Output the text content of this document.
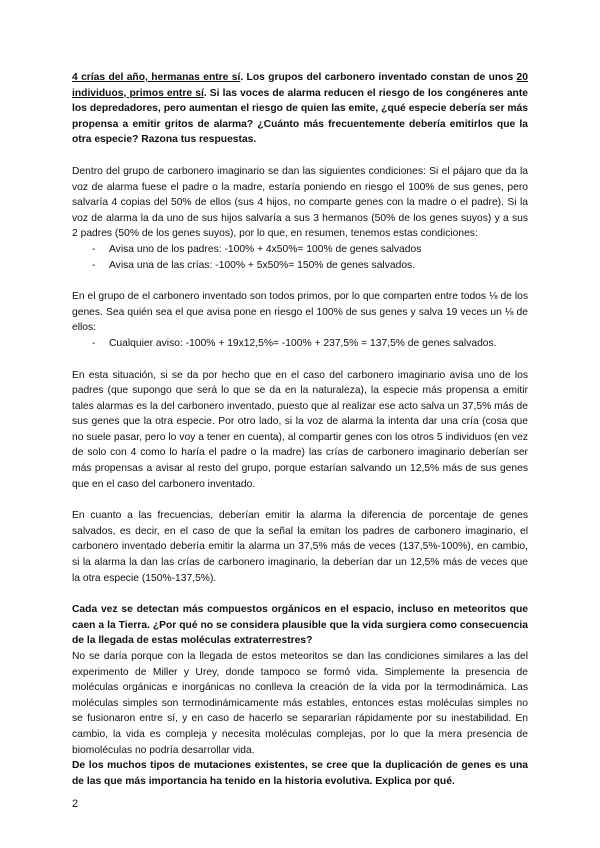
4 crías del año, hermanas entre sí. Los grupos del carbonero inventado constan de unos 20 individuos, primos entre sí. Si las voces de alarma reducen el riesgo de los congéneres ante los depredadores, pero aumentan el riesgo de quien las emite, ¿qué especie debería ser más propensa a emitir gritos de alarma? ¿Cuánto más frecuentemente debería emitirlos que la otra especie? Razona tus respuestas.

Dentro del grupo de carbonero imaginario se dan las siguientes condiciones: Si el pájaro que da la voz de alarma fuese el padre o la madre, estaría poniendo en riesgo el 100% de sus genes, pero salvaría 4 copias del 50% de ellos (sus 4 hijos, no comparte genes con la madre o el padre). Si la voz de alarma la da uno de sus hijos salvaría a sus 3 hermanos (50% de los genes suyos) y a sus 2 padres (50% de los genes suyos), por lo que, en resumen, tenemos estas condiciones:

- Avisa uno de los padres: -100% + 4x50%= 100% de genes salvados
- Avisa una de las crías: -100% + 5x50%= 150% de genes salvados.

En el grupo de el carbonero inventado son todos primos, por lo que comparten entre todos ⅛ de los genes. Sea quién sea el que avisa pone en riesgo el 100% de sus genes y salva 19 veces un ⅛ de ellos:

- Cualquier aviso: -100% + 19x12,5%= -100% + 237,5% = 137,5% de genes salvados.

En esta situación, si se da por hecho que en el caso del carbonero imaginario avisa uno de los padres (que supongo que será lo que se da en la naturaleza), la especie más propensa a emitir tales alarmas es la del carbonero inventado, puesto que al realizar ese acto salva un 37,5% más de sus genes que la otra especie. Por otro lado, si la voz de alarma la intenta dar una cría (cosa que no suele pasar, pero lo voy a tener en cuenta), al compartir genes con los otros 5 individuos (en vez de solo con 4 como lo haría el padre o la madre) las crías de carbonero imaginario deberían ser más propensas a avisar al resto del grupo, porque estarían salvando un 12,5% más de sus genes que en el caso del carbonero inventado.

En cuanto a las frecuencias, deberían emitir la alarma la diferencia de porcentaje de genes salvados, es decir, en el caso de que la señal la emitan los padres de carbonero imaginario, el carbonero inventado debería emitir la alarma un 37,5% más de veces (137,5%-100%), en cambio, si la alarma la dan las crías de carbonero imaginario, la deberían dar un 12,5% más de veces que la otra especie (150%-137,5%).

Cada vez se detectan más compuestos orgánicos en el espacio, incluso en meteoritos que caen a la Tierra. ¿Por qué no se considera plausible que la vida surgiera como consecuencia de la llegada de estas moléculas extraterrestres?

No se daría porque con la llegada de estos meteoritos se dan las condiciones similares a las del experimento de Miller y Urey, donde tampoco se formó vida. Simplemente la presencia de moléculas orgánicas e inorgánicas no conlleva la creación de la vida por la termodinámica. Las moléculas simples son termodinámicamente más estables, entonces estas moléculas simples no se fusionaron entre sí, y en caso de hacerlo se separarían rápidamente por su inestabilidad. En cambio, la vida es compleja y necesita moléculas complejas, por lo que la mera presencia de biomoléculas no podría desarrollar vida.

De los muchos tipos de mutaciones existentes, se cree que la duplicación de genes es una de las que más importancia ha tenido en la historia evolutiva. Explica por qué.

2
